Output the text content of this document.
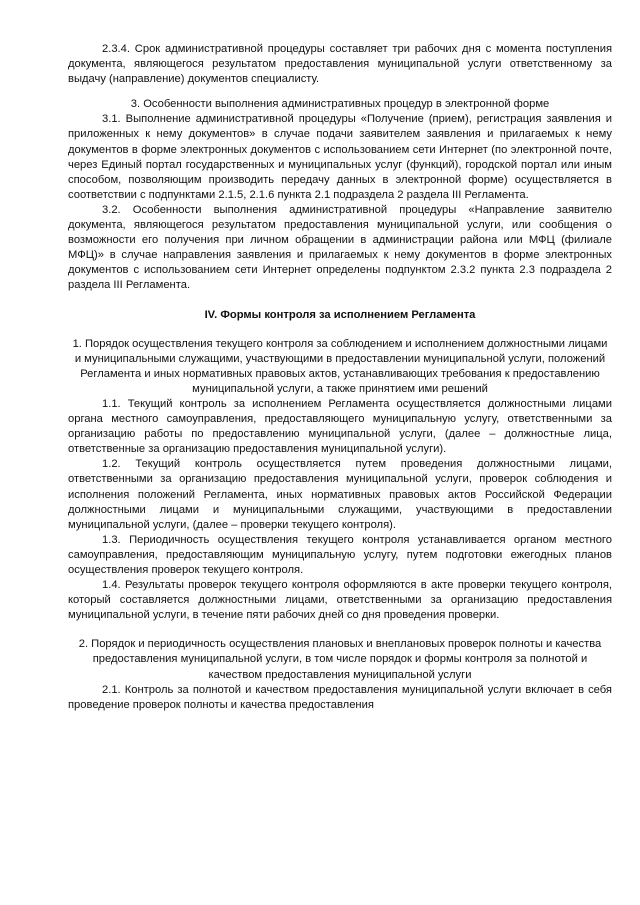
2.3.4. Срок административной процедуры составляет три рабочих дня с момента поступления документа, являющегося результатом предоставления муниципальной услуги ответственному за выдачу (направление) документов специалисту.

3. Особенности выполнения административных процедур в электронной форме

3.1. Выполнение административной процедуры «Получение (прием), регистрация заявления и приложенных к нему документов» в случае подачи заявителем заявления и прилагаемых к нему документов в форме электронных документов с использованием сети Интернет (по электронной почте, через Единый портал государственных и муниципальных услуг (функций), городской портал или иным способом, позволяющим производить передачу данных в электронной форме) осуществляется в соответствии с подпунктами 2.1.5, 2.1.6 пункта 2.1 подраздела 2 раздела III Регламента.

3.2. Особенности выполнения административной процедуры «Направление заявителю документа, являющегося результатом предоставления муниципальной услуги, или сообщения о возможности его получения при личном обращении в администрации района или МФЦ (филиале МФЦ)» в случае направления заявления и прилагаемых к нему документов в форме электронных документов с использованием сети Интернет определены подпунктом 2.3.2 пункта 2.3 подраздела 2 раздела III Регламента.

IV. Формы контроля за исполнением Регламента

1. Порядок осуществления текущего контроля за соблюдением и исполнением должностными лицами и муниципальными служащими, участвующими в предоставлении муниципальной услуги, положений Регламента и иных нормативных правовых актов, устанавливающих требования к предоставлению муниципальной услуги, а также принятием ими решений

1.1. Текущий контроль за исполнением Регламента осуществляется должностными лицами органа местного самоуправления, предоставляющего муниципальную услугу, ответственными за организацию работы по предоставлению муниципальной услуги, (далее – должностные лица, ответственные за организацию предоставления муниципальной услуги).

1.2. Текущий контроль осуществляется путем проведения должностными лицами, ответственными за организацию предоставления муниципальной услуги, проверок соблюдения и исполнения положений Регламента, иных нормативных правовых актов Российской Федерации должностными лицами и муниципальными служащими, участвующими в предоставлении муниципальной услуги, (далее – проверки текущего контроля).

1.3. Периодичность осуществления текущего контроля устанавливается органом местного самоуправления, предоставляющим муниципальную услугу, путем подготовки ежегодных планов осуществления проверок текущего контроля.

1.4. Результаты проверок текущего контроля оформляются в акте проверки текущего контроля, который составляется должностными лицами, ответственными за организацию предоставления муниципальной услуги, в течение пяти рабочих дней со дня проведения проверки.

2. Порядок и периодичность осуществления плановых и внеплановых проверок полноты и качества предоставления муниципальной услуги, в том числе порядок и формы контроля за полнотой и качеством предоставления муниципальной услуги

2.1. Контроль за полнотой и качеством предоставления муниципальной услуги включает в себя проведение проверок полноты и качества предоставления
